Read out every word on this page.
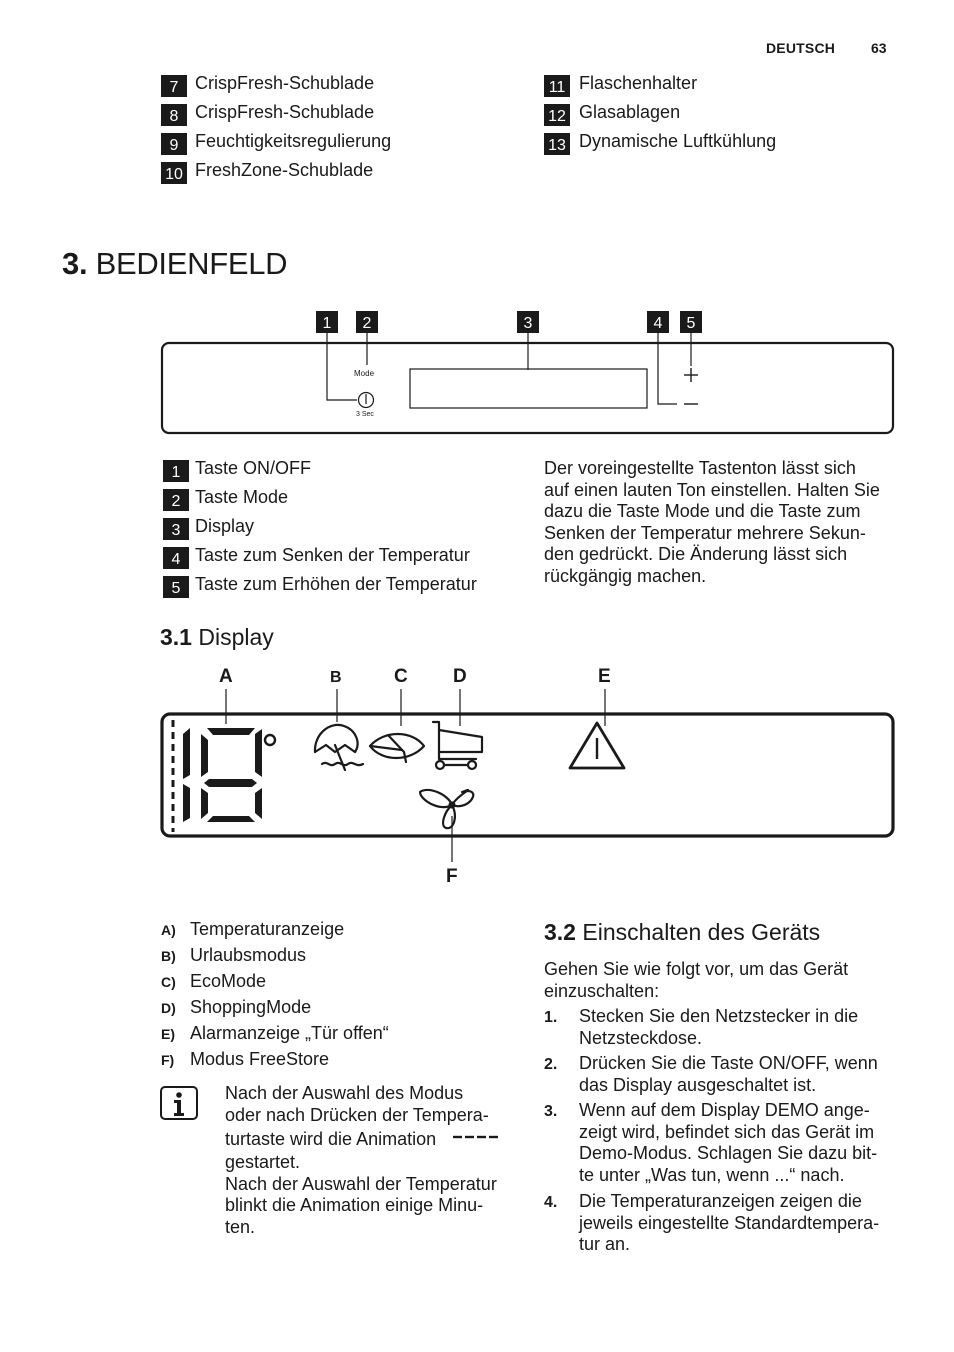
DEUTSCH	63
7 CrispFresh-Schublade
8 CrispFresh-Schublade
9 Feuchtigkeitsregulierung
10 FreshZone-Schublade
11 Flaschenhalter
12 Glasablagen
13 Dynamische Luftkühlung
3. BEDIENFELD
1	2	3	4	5
Mode
3 Sec
1 Taste ON/OFF
2 Taste Mode
3 Display
4 Taste zum Senken der Temperatur
5 Taste zum Erhöhen der Temperatur
Der voreingestellte Tastenton lässt sich
auf einen lauten Ton einstellen. Halten Sie
dazu die Taste Mode und die Taste zum
Senken der Temperatur mehrere Sekun-
den gedrückt. Die Änderung lässt sich
rückgängig machen.
3.1 Display
A	B	C D	E
F
A) Temperaturanzeige
B) Urlaubsmodus
C) EcoMode
D) ShoppingMode
E) Alarmanzeige „Tür offen“
F) Modus FreeStore
Nach der Auswahl des Modus
oder nach Drücken der Tempera-
turtaste wird die Animation
gestartet.
Nach der Auswahl der Temperatur
blinkt die Animation einige Minu-
ten.
3.2 Einschalten des Geräts
Gehen Sie wie folgt vor, um das Gerät
einzuschalten:
1. Stecken Sie den Netzstecker in die
Netzsteckdose.
2. Drücken Sie die Taste ON/OFF, wenn
das Display ausgeschaltet ist.
3. Wenn auf dem Display DEMO ange-
zeigt wird, befindet sich das Gerät im
Demo-Modus. Schlagen Sie dazu bit-
te unter „Was tun, wenn ...“ nach.
4. Die Temperaturanzeigen zeigen die
jeweils eingestellte Standardtempera-
tur an.
